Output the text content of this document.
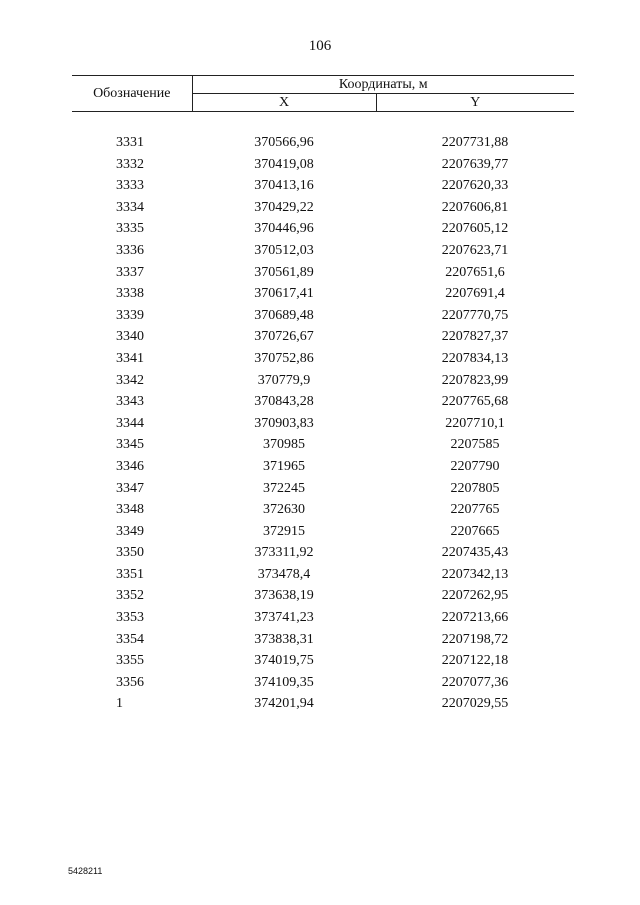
106
Обозначение	Координаты, м	
	X	Y

3331	370566,96	2207731,88
3332	370419,08	2207639,77
3333	370413,16	2207620,33
3334	370429,22	2207606,81
3335	370446,96	2207605,12
3336	370512,03	2207623,71
3337	370561,89	2207651,6
3338	370617,41	2207691,4
3339	370689,48	2207770,75
3340	370726,67	2207827,37
3341	370752,86	2207834,13
3342	370779,9	2207823,99
3343	370843,28	2207765,68
3344	370903,83	2207710,1
3345	370985	2207585
3346	371965	2207790
3347	372245	2207805
3348	372630	2207765
3349	372915	2207665
3350	373311,92	2207435,43
3351	373478,4	2207342,13
3352	373638,19	2207262,95
3353	373741,23	2207213,66
3354	373838,31	2207198,72
3355	374019,75	2207122,18
3356	374109,35	2207077,36
1	374201,94	2207029,55
5428211
